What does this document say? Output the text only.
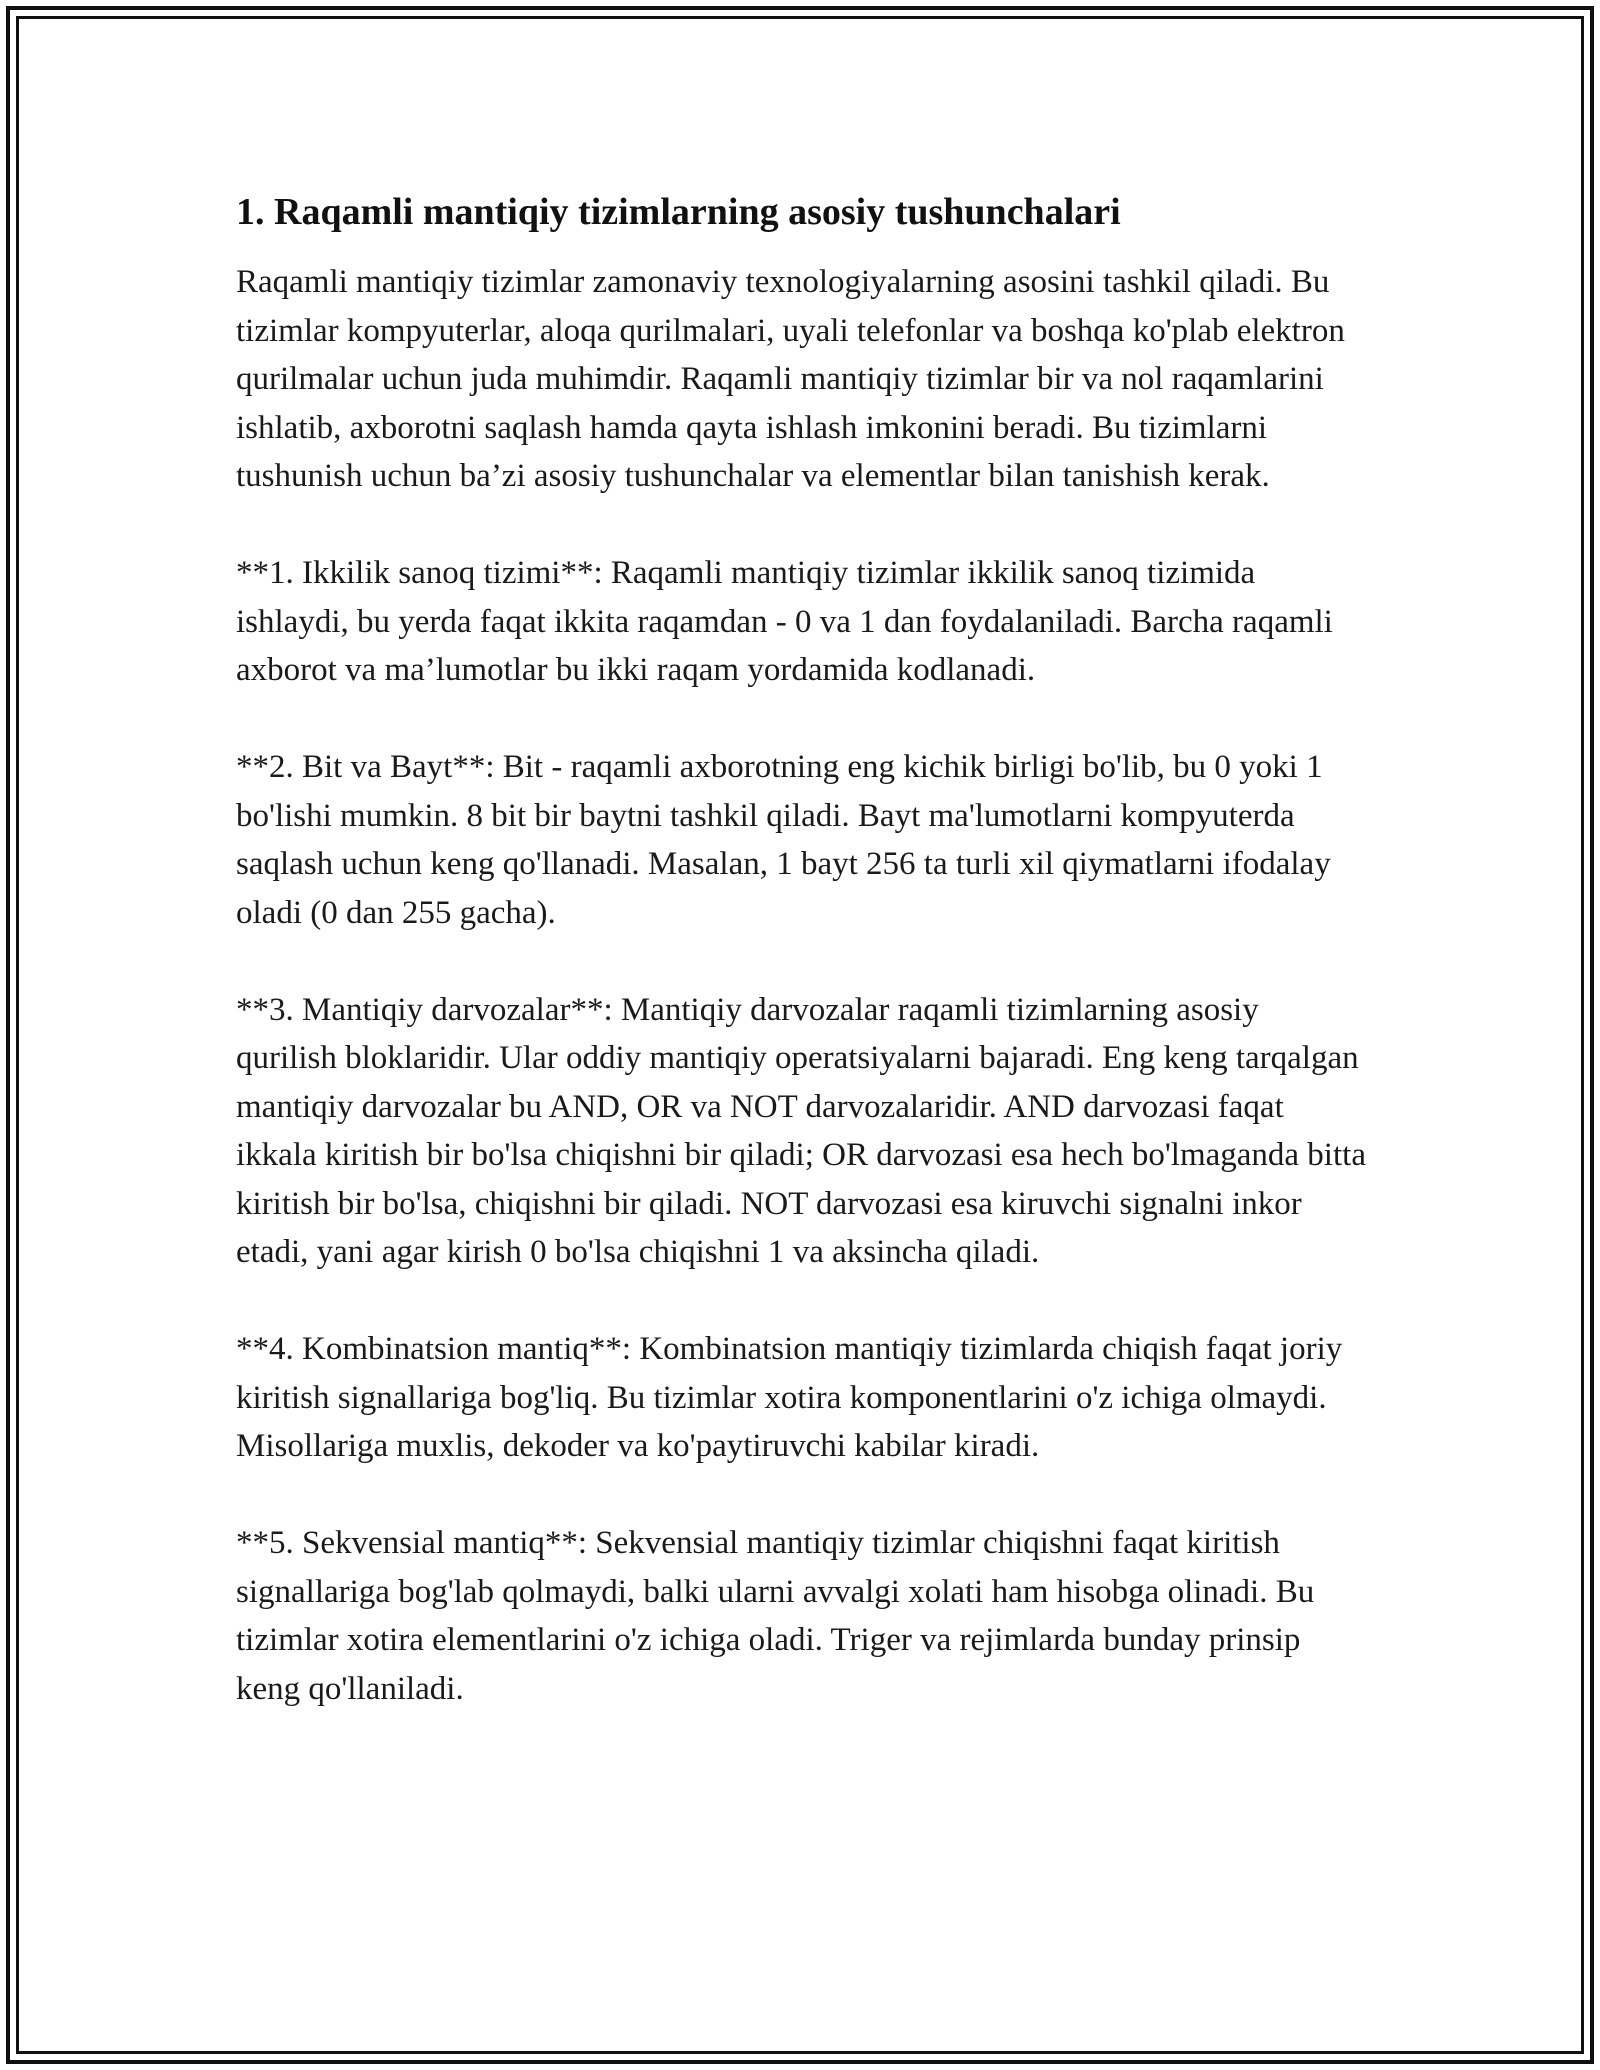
1. Raqamli mantiqiy tizimlarning asosiy tushunchalari

Raqamli mantiqiy tizimlar zamonaviy texnologiyalarning asosini tashkil qiladi. Bu tizimlar kompyuterlar, aloqa qurilmalari, uyali telefonlar va boshqa ko'plab elektron qurilmalar uchun juda muhimdir. Raqamli mantiqiy tizimlar bir va nol raqamlarini ishlatib, axborotni saqlash hamda qayta ishlash imkonini beradi. Bu tizimlarni tushunish uchun ba’zi asosiy tushunchalar va elementlar bilan tanishish kerak.

**1. Ikkilik sanoq tizimi**: Raqamli mantiqiy tizimlar ikkilik sanoq tizimida ishlaydi, bu yerda faqat ikkita raqamdan - 0 va 1 dan foydalaniladi. Barcha raqamli axborot va ma’lumotlar bu ikki raqam yordamida kodlanadi.

**2. Bit va Bayt**: Bit - raqamli axborotning eng kichik birligi bo'lib, bu 0 yoki 1 bo'lishi mumkin. 8 bit bir baytni tashkil qiladi. Bayt ma'lumotlarni kompyuterda saqlash uchun keng qo'llanadi. Masalan, 1 bayt 256 ta turli xil qiymatlarni ifodalay oladi (0 dan 255 gacha).

**3. Mantiqiy darvozalar**: Mantiqiy darvozalar raqamli tizimlarning asosiy qurilish bloklaridir. Ular oddiy mantiqiy operatsiyalarni bajaradi. Eng keng tarqalgan mantiqiy darvozalar bu AND, OR va NOT darvozalaridir. AND darvozasi faqat ikkala kiritish bir bo'lsa chiqishni bir qiladi; OR darvozasi esa hech bo'lmaganda bitta kiritish bir bo'lsa, chiqishni bir qiladi. NOT darvozasi esa kiruvchi signalni inkor etadi, yani agar kirish 0 bo'lsa chiqishni 1 va aksincha qiladi.

**4. Kombinatsion mantiq**: Kombinatsion mantiqiy tizimlarda chiqish faqat joriy kiritish signallariga bog'liq. Bu tizimlar xotira komponentlarini o'z ichiga olmaydi. Misollariga muxlis, dekoder va ko'paytiruvchi kabilar kiradi.

**5. Sekvensial mantiq**: Sekvensial mantiqiy tizimlar chiqishni faqat kiritish signallariga bog'lab qolmaydi, balki ularni avvalgi xolati ham hisobga olinadi. Bu tizimlar xotira elementlarini o'z ichiga oladi. Triger va rejimlarda bunday prinsip keng qo'llaniladi.
